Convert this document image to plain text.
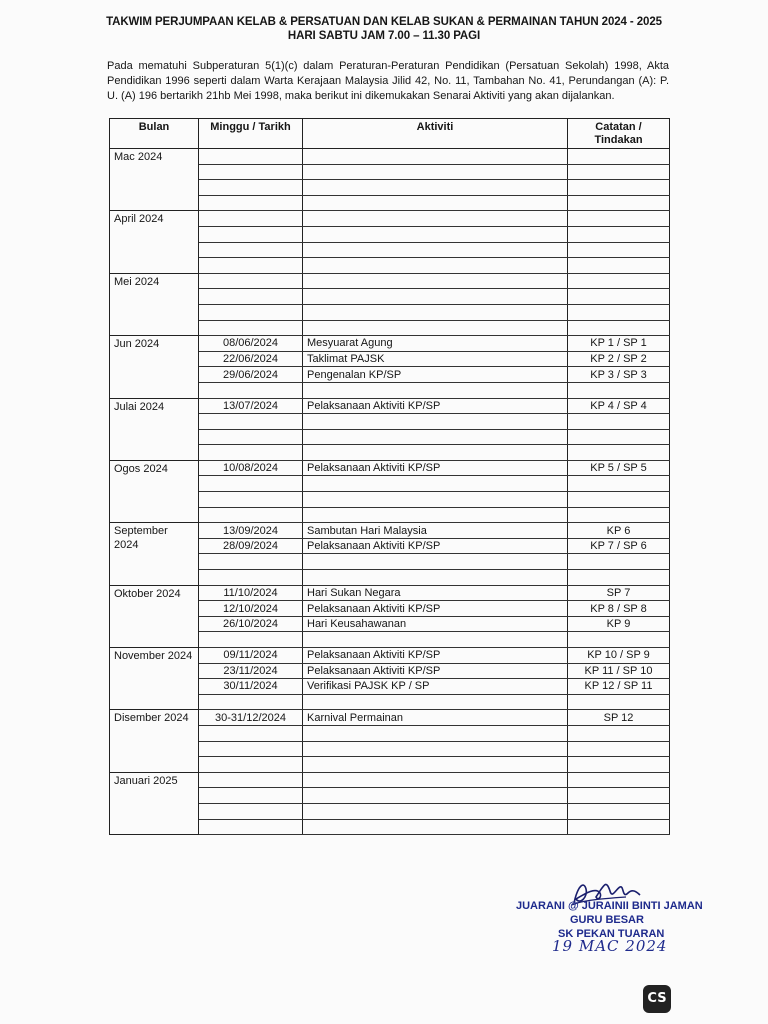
TAKWIM PERJUMPAAN KELAB & PERSATUAN DAN KELAB SUKAN & PERMAINAN TAHUN 2024 - 2025
HARI SABTU JAM 7.00 – 11.30 PAGI
Pada mematuhi Subperaturan 5(1)(c) dalam Peraturan-Peraturan Pendidikan (Persatuan Sekolah) 1998, Akta Pendidikan 1996 seperti dalam Warta Kerajaan Malaysia Jilid 42, No. 11, Tambahan No. 41, Perundangan (A): P. U. (A) 196 bertarikh 21hb Mei 1998, maka berikut ini dikemukakan Senarai Aktiviti yang akan dijalankan.
Bulan	Minggu / Tarikh	Aktiviti	Catatan / Tindakan
Mac 2024			

April 2024			

Mei 2024			

Jun 2024	08/06/2024	Mesyuarat Agung	KP 1 / SP 1
	22/06/2024	Taklimat PAJSK	KP 2 / SP 2
	29/06/2024	Pengenalan KP/SP	KP 3 / SP 3

Julai 2024	13/07/2024	Pelaksanaan Aktiviti KP/SP	KP 4 / SP 4

Ogos 2024	10/08/2024	Pelaksanaan Aktiviti KP/SP	KP 5 / SP 5

September 2024	13/09/2024	Sambutan Hari Malaysia	KP 6
	28/09/2024	Pelaksanaan Aktiviti KP/SP	KP 7 / SP 6

Oktober 2024	11/10/2024	Hari Sukan Negara	SP 7
	12/10/2024	Pelaksanaan Aktiviti KP/SP	KP 8 / SP 8
	26/10/2024	Hari Keusahawanan	KP 9

November 2024	09/11/2024	Pelaksanaan Aktiviti KP/SP	KP 10 / SP 9
	23/11/2024	Pelaksanaan Aktiviti KP/SP	KP 11 / SP 10
	30/11/2024	Verifikasi PAJSK KP / SP	KP 12 / SP 11

Disember 2024	30-31/12/2024	Karnival Permainan	SP 12

Januari 2025			

JUARANI @ JURAINII BINTI JAMAN
GURU BESAR
SK PEKAN TUARAN
19 MAC 2024
CS
